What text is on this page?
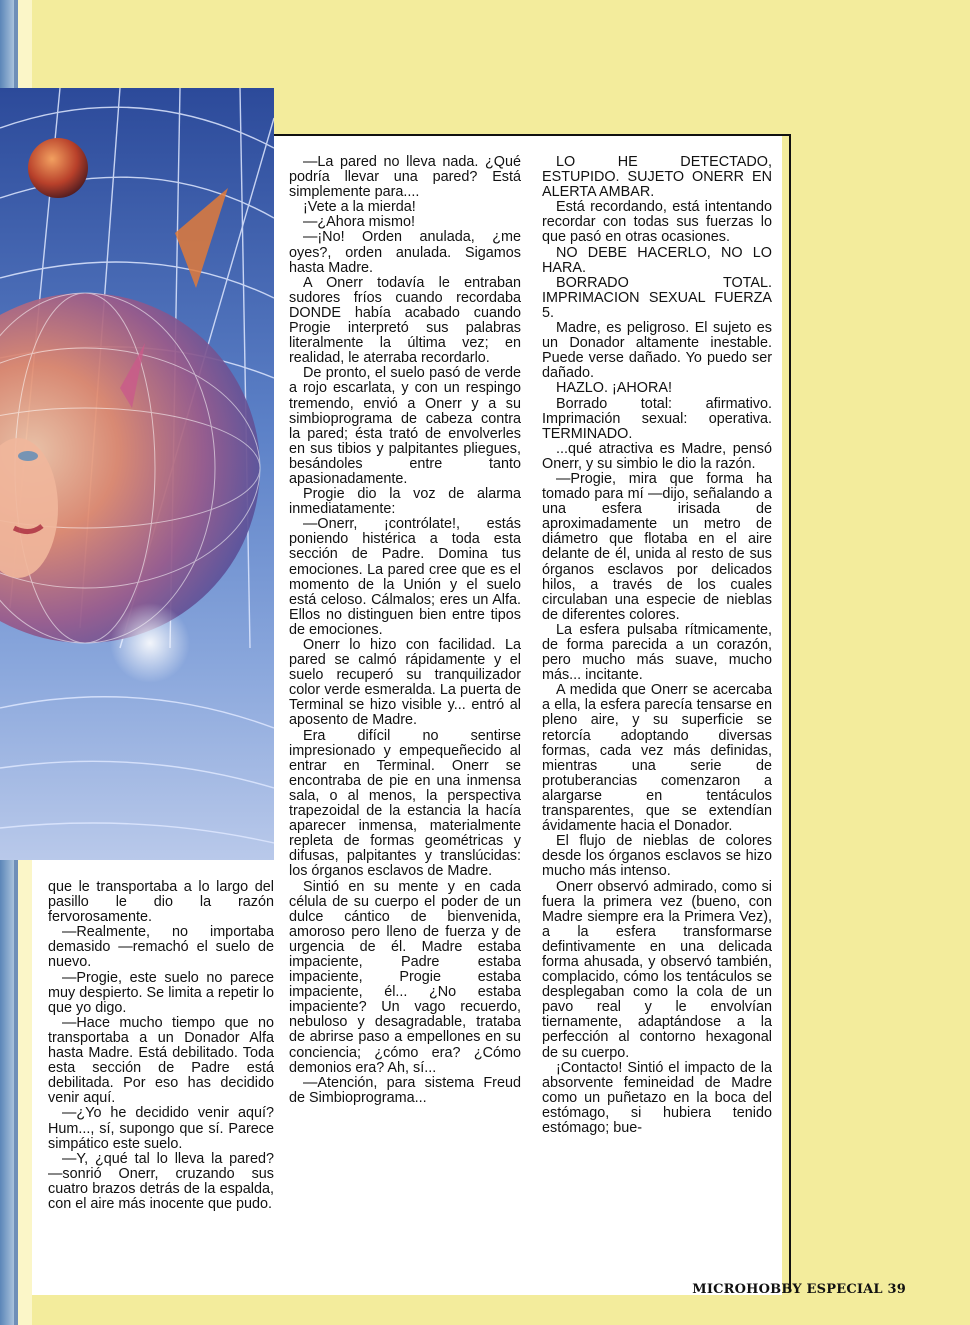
que le transportaba a lo largo del pasillo le dio la razón fervorosamente.

—Realmente, no importaba demasido —remachó el suelo de nuevo.

—Progie, este suelo no parece muy despierto. Se limita a repetir lo que yo digo.

—Hace mucho tiempo que no transportaba a un Donador Alfa hasta Madre. Está debilitado. Toda esta sección de Padre está debilitada. Por eso has decidido venir aquí.

—¿Yo he decidido venir aquí? Hum..., sí, supongo que sí. Parece simpático este suelo.

—Y, ¿qué tal lo lleva la pared? —sonrió Onerr, cruzando sus cuatro brazos detrás de la espalda, con el aire más inocente que pudo.

—La pared no lleva nada. ¿Qué podría llevar una pared? Está simplemente para....

¡Vete a la mierda!

—¿Ahora mismo!

—¡No! Orden anulada, ¿me oyes?, orden anulada. Sigamos hasta Madre.

A Onerr todavía le entraban sudores fríos cuando recordaba DONDE había acabado cuando Progie interpretó sus palabras literalmente la última vez; en realidad, le aterraba recordarlo.

De pronto, el suelo pasó de verde a rojo escarlata, y con un respingo tremendo, envió a Onerr y a su simbioprograma de cabeza contra la pared; ésta trató de envolverles en sus tibios y palpitantes pliegues, besándoles entre tanto apasionadamente.

Progie dio la voz de alarma inmediatamente:

—Onerr, ¡contrólate!, estás poniendo histérica a toda esta sección de Padre. Domina tus emociones. La pared cree que es el momento de la Unión y el suelo está celoso. Cálmalos; eres un Alfa. Ellos no distinguen bien entre tipos de emociones.

Onerr lo hizo con facilidad. La pared se calmó rápidamente y el suelo recuperó su tranquilizador color verde esmeralda. La puerta de Terminal se hizo visible y... entró al aposento de Madre.

Era difícil no sentirse impresionado y empequeñecido al entrar en Terminal. Onerr se encontraba de pie en una inmensa sala, o al menos, la perspectiva trapezoidal de la estancia la hacía aparecer inmensa, materialmente repleta de formas geométricas y difusas, palpitantes y translúcidas: los órganos esclavos de Madre.

Sintió en su mente y en cada célula de su cuerpo el poder de un dulce cántico de bienvenida, amoroso pero lleno de fuerza y de urgencia de él. Madre estaba impaciente, Padre estaba impaciente, Progie estaba impaciente, él... ¿No estaba impaciente? Un vago recuerdo, nebuloso y desagradable, trataba de abrirse paso a empellones en su conciencia; ¿cómo era? ¿Cómo demonios era? Ah, sí...

—Atención, para sistema Freud de Simbioprograma...

LO HE DETECTADO, ESTUPIDO. SUJETO ONERR EN ALERTA AMBAR.

Está recordando, está intentando recordar con todas sus fuerzas lo que pasó en otras ocasiones.

NO DEBE HACERLO, NO LO HARA.

BORRADO TOTAL. IMPRIMACION SEXUAL FUERZA 5.

Madre, es peligroso. El sujeto es un Donador altamente inestable. Puede verse dañado. Yo puedo ser dañado.

HAZLO. ¡AHORA!

Borrado total: afirmativo. Imprimación sexual: operativa. TERMINADO.

...qué atractiva es Madre, pensó Onerr, y su simbio le dio la razón.

—Progie, mira que forma ha tomado para mí —dijo, señalando a una esfera irisada de aproximadamente un metro de diámetro que flotaba en el aire delante de él, unida al resto de sus órganos esclavos por delicados hilos, a través de los cuales circulaban una especie de nieblas de diferentes colores.

La esfera pulsaba rítmicamente, de forma parecida a un corazón, pero mucho más suave, mucho más... incitante.

A medida que Onerr se acercaba a ella, la esfera parecía tensarse en pleno aire, y su superficie se retorcía adoptando diversas formas, cada vez más definidas, mientras una serie de protuberancias comenzaron a alargarse en tentáculos transparentes, que se extendían ávidamente hacia el Donador.

El flujo de nieblas de colores desde los órganos esclavos se hizo mucho más intenso.

Onerr observó admirado, como si fuera la primera vez (bueno, con Madre siempre era la Primera Vez), a la esfera transformarse defintivamente en una delicada forma ahusada, y observó también, complacido, cómo los tentáculos se desplegaban como la cola de un pavo real y le envolvían tiernamente, adaptándose a la perfección al contorno hexagonal de su cuerpo.

¡Contacto! Sintió el impacto de la absorvente femineidad de Madre como un puñetazo en la boca del estómago, si hubiera tenido estómago; bue-

MICROHOBBY ESPECIAL 39
